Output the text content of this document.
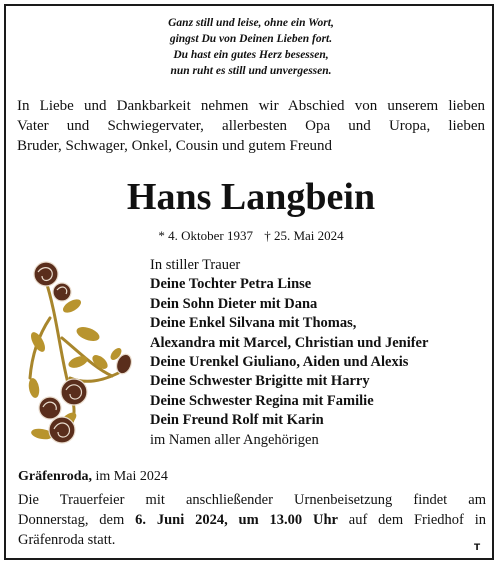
Ganz still und leise, ohne ein Wort,
gingst Du von Deinen Lieben fort.
Du hast ein gutes Herz besessen,
nun ruht es still und unvergessen.
In Liebe und Dankbarkeit nehmen wir Abschied von unserem lieben
Vater und Schwiegervater, allerbesten Opa und Uropa, lieben
Bruder, Schwager, Onkel, Cousin und gutem Freund
Hans Langbein
* 4. Oktober 1937 † 25. Mai 2024
In stiller Trauer
Deine Tochter Petra Linse
Dein Sohn Dieter mit Dana
Deine Enkel Silvana mit Thomas,
Alexandra mit Marcel, Christian und Jenifer
Deine Urenkel Giuliano, Aiden und Alexis
Deine Schwester Brigitte mit Harry
Deine Schwester Regina mit Familie
Dein Freund Rolf mit Karin
im Namen aller Angehörigen
Gräfenroda, im Mai 2024
Die Trauerfeier mit anschließender Urnenbeisetzung findet am
Donnerstag, dem 6. Juni 2024, um 13.00 Uhr auf dem Friedhof in
Gräfenroda statt.	T
